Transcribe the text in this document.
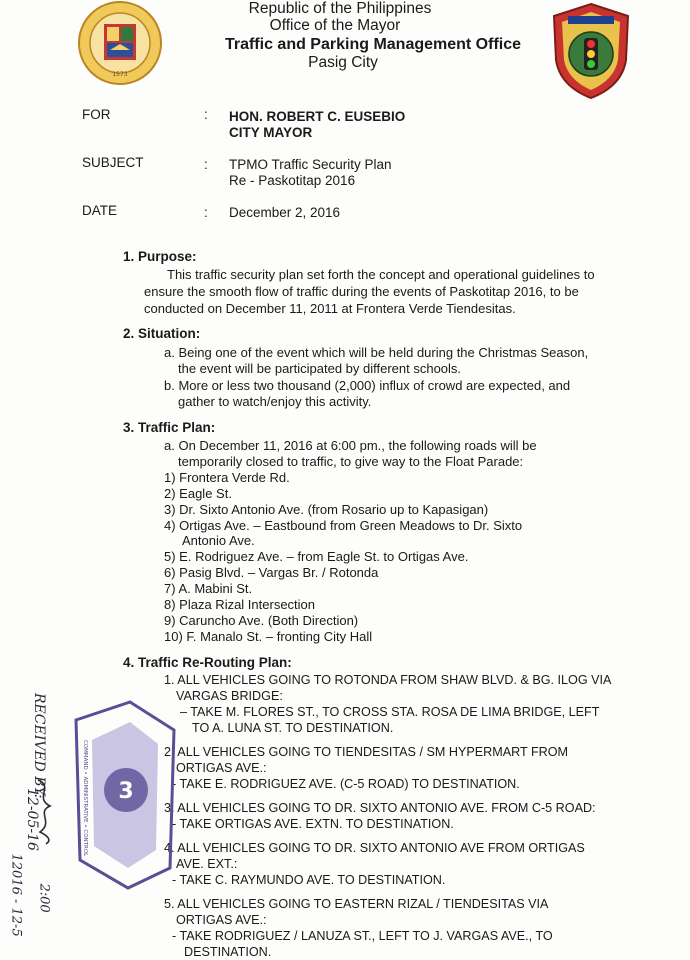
1573
Republic of the Philippines
Office of the Mayor
Traffic and Parking Management Office
Pasig City
FOR	: HON. ROBERT C. EUSEBIO
CITY MAYOR
SUBJECT	: TPMO Traffic Security Plan
Re - Paskotitap 2016
DATE	: December 2, 2016
1. Purpose:
This traffic security plan set forth the concept and operational guidelines to
ensure the smooth flow of traffic during the events of Paskotitap 2016, to be
conducted on December 11, 2011 at Frontera Verde Tiendesitas.
2. Situation:
a. Being one of the event which will be held during the Christmas Season,
the event will be participated by different schools.
b. More or less two thousand (2,000) influx of crowd are expected, and
gather to watch/enjoy this activity.
3. Traffic Plan:
a. On December 11, 2016 at 6:00 pm., the following roads will be
temporarily closed to traffic, to give way to the Float Parade:
1) Frontera Verde Rd.
2) Eagle St.
3) Dr. Sixto Antonio Ave. (from Rosario up to Kapasigan)
4) Ortigas Ave. – Eastbound from Green Meadows to Dr. Sixto
Antonio Ave.
5) E. Rodriguez Ave. – from Eagle St. to Ortigas Ave.
6) Pasig Blvd. – Vargas Br. / Rotonda
7) A. Mabini St.
8) Plaza Rizal Intersection
9) Caruncho Ave. (Both Direction)
10) F. Manalo St. – fronting City Hall
4. Traffic Re-Routing Plan:
1. ALL VEHICLES GOING TO ROTONDA FROM SHAW BLVD. & BG. ILOG VIA
VARGAS BRIDGE:
– TAKE M. FLORES ST., TO CROSS STA. ROSA DE LIMA BRIDGE, LEFT
TO A. LUNA ST. TO DESTINATION.
2. ALL VEHICLES GOING TO TIENDESITAS / SM HYPERMART FROM
ORTIGAS AVE.:
- TAKE E. RODRIGUEZ AVE. (C-5 ROAD) TO DESTINATION.
3. ALL VEHICLES GOING TO DR. SIXTO ANTONIO AVE. FROM C-5 ROAD:
- TAKE ORTIGAS AVE. EXTN. TO DESTINATION.
4. ALL VEHICLES GOING TO DR. SIXTO ANTONIO AVE FROM ORTIGAS
AVE. EXT.:
- TAKE C. RAYMUNDO AVE. TO DESTINATION.
5. ALL VEHICLES GOING TO EASTERN RIZAL / TIENDESITAS VIA
ORTIGAS AVE.:
- TAKE RODRIGUEZ / LANUZA ST., LEFT TO J. VARGAS AVE., TO
DESTINATION.
3
COMMAND • ADMINISTRATIVE • CONTROL
RECEIVED BY:
12-05-16
2:00
12016 - 12-5
